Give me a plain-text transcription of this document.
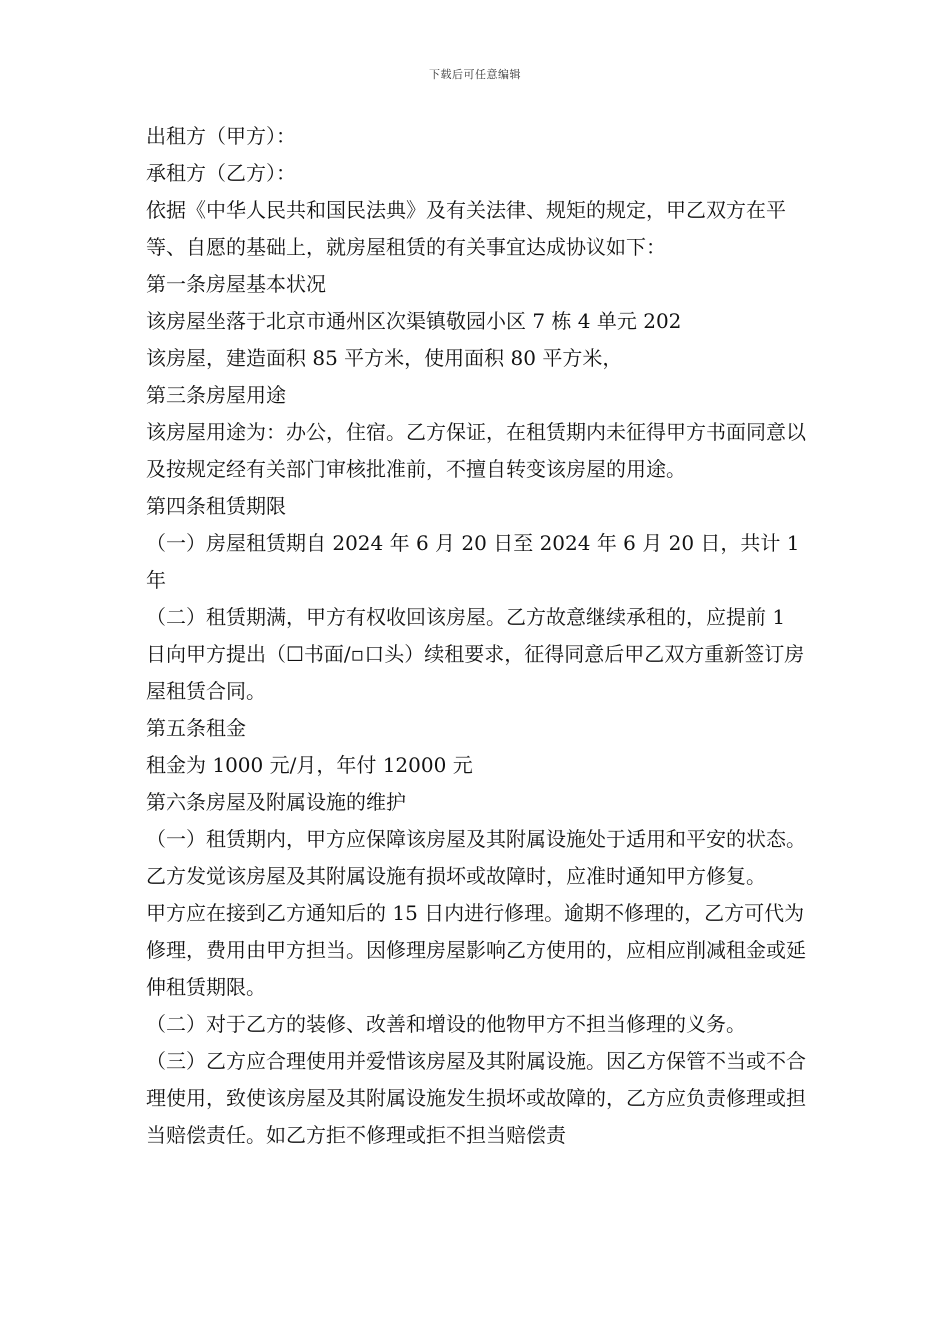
下载后可任意编辑

出租方（甲方）：

承租方（乙方）：

依据《中华人民共和国民法典》及有关法律、规矩的规定，甲乙双方在平等、自愿的基础上，就房屋租赁的有关事宜达成协议如下：

第一条房屋基本状况

该房屋坐落于北京市通州区次渠镇敬园小区 7 栋 4 单元 202

该房屋，建造面积 85 平方米，使用面积 80 平方米，

第三条房屋用途

该房屋用途为：办公，住宿。乙方保证，在租赁期内未征得甲方书面同意以及按规定经有关部门审核批准前，不擅自转变该房屋的用途。

第四条租赁期限

（一）房屋租赁期自 2024 年 6 月 20 日至 2024 年 6 月 20 日，共计 1 年

（二）租赁期满，甲方有权收回该房屋。乙方故意继续承租的，应提前 1 日向甲方提出（☐书面/▫口头）续租要求，征得同意后甲乙双方重新签订房屋租赁合同。

第五条租金

租金为 1000 元/月，年付 12000 元

第六条房屋及附属设施的维护

（一）租赁期内，甲方应保障该房屋及其附属设施处于适用和平安的状态。乙方发觉该房屋及其附属设施有损坏或故障时，应准时通知甲方修复。

甲方应在接到乙方通知后的 15 日内进行修理。逾期不修理的，乙方可代为修理，费用由甲方担当。因修理房屋影响乙方使用的，应相应削减租金或延伸租赁期限。

（二）对于乙方的装修、改善和增设的他物甲方不担当修理的义务。

（三）乙方应合理使用并爱惜该房屋及其附属设施。因乙方保管不当或不合理使用，致使该房屋及其附属设施发生损坏或故障的，乙方应负责修理或担当赔偿责任。如乙方拒不修理或拒不担当赔偿责
